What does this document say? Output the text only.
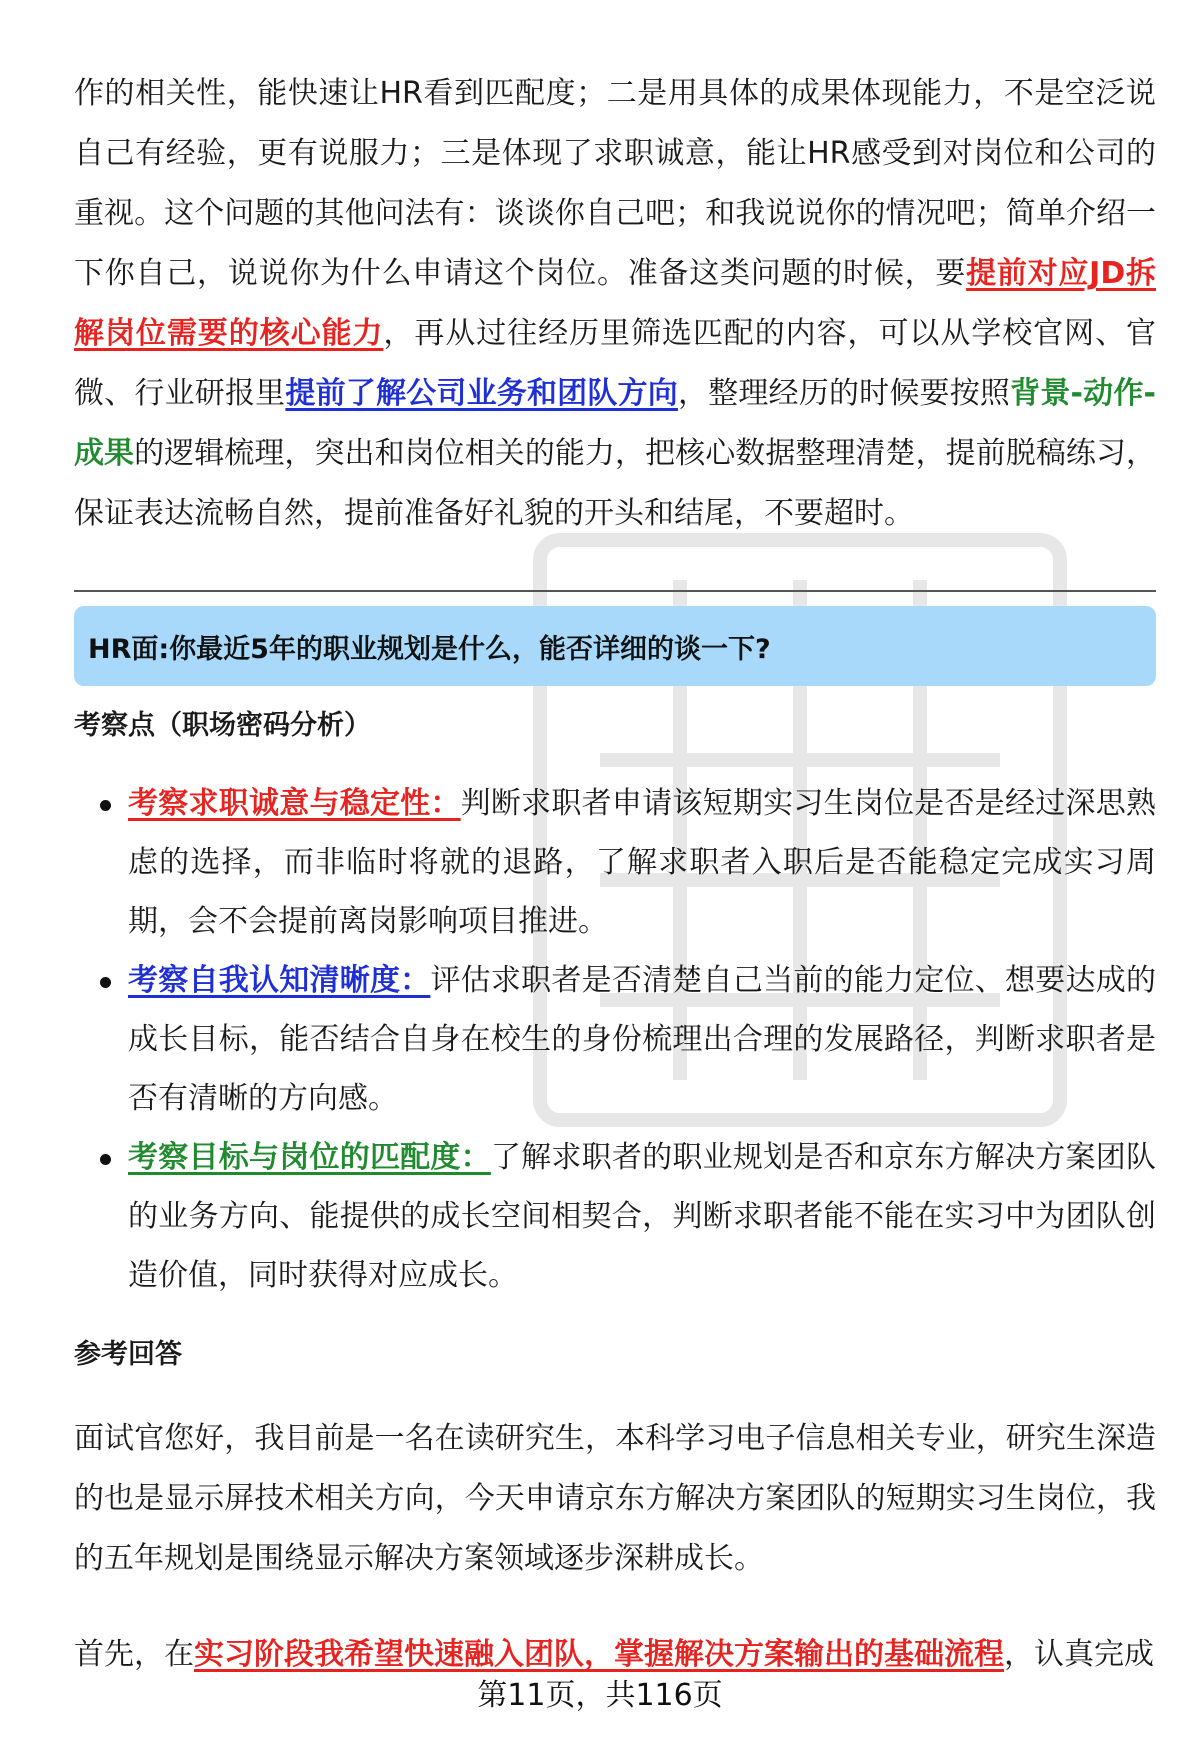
作的相关性，能快速让HR看到匹配度；二是用具体的成果体现能力，不是空泛说自己有经验，更有说服力；三是体现了求职诚意，能让HR感受到对岗位和公司的重视。这个问题的其他问法有：谈谈你自己吧；和我说说你的情况吧；简单介绍一下你自己，说说你为什么申请这个岗位。准备这类问题的时候，要提前对应JD拆解岗位需要的核心能力，再从过往经历里筛选匹配的内容，可以从学校官网、官微、行业研报里提前了解公司业务和团队方向，整理经历的时候要按照背景-动作-成果的逻辑梳理，突出和岗位相关的能力，把核心数据整理清楚，提前脱稿练习，保证表达流畅自然，提前准备好礼貌的开头和结尾，不要超时。

HR面:你最近5年的职业规划是什么，能否详细的谈一下?
考察点（职场密码分析）
考察求职诚意与稳定性：判断求职者申请该短期实习生岗位是否是经过深思熟虑的选择，而非临时将就的退路，了解求职者入职后是否能稳定完成实习周期，会不会提前离岗影响项目推进。
考察自我认知清晰度：评估求职者是否清楚自己当前的能力定位、想要达成的成长目标，能否结合自身在校生的身份梳理出合理的发展路径，判断求职者是否有清晰的方向感。
考察目标与岗位的匹配度：了解求职者的职业规划是否和京东方解决方案团队的业务方向、能提供的成长空间相契合，判断求职者能不能在实习中为团队创造价值，同时获得对应成长。
参考回答

面试官您好，我目前是一名在读研究生，本科学习电子信息相关专业，研究生深造的也是显示屏技术相关方向，今天申请京东方解决方案团队的短期实习生岗位，我的五年规划是围绕显示解决方案领域逐步深耕成长。

首先，在实习阶段我希望快速融入团队，掌握解决方案输出的基础流程，认真完成

第11页，共116页
